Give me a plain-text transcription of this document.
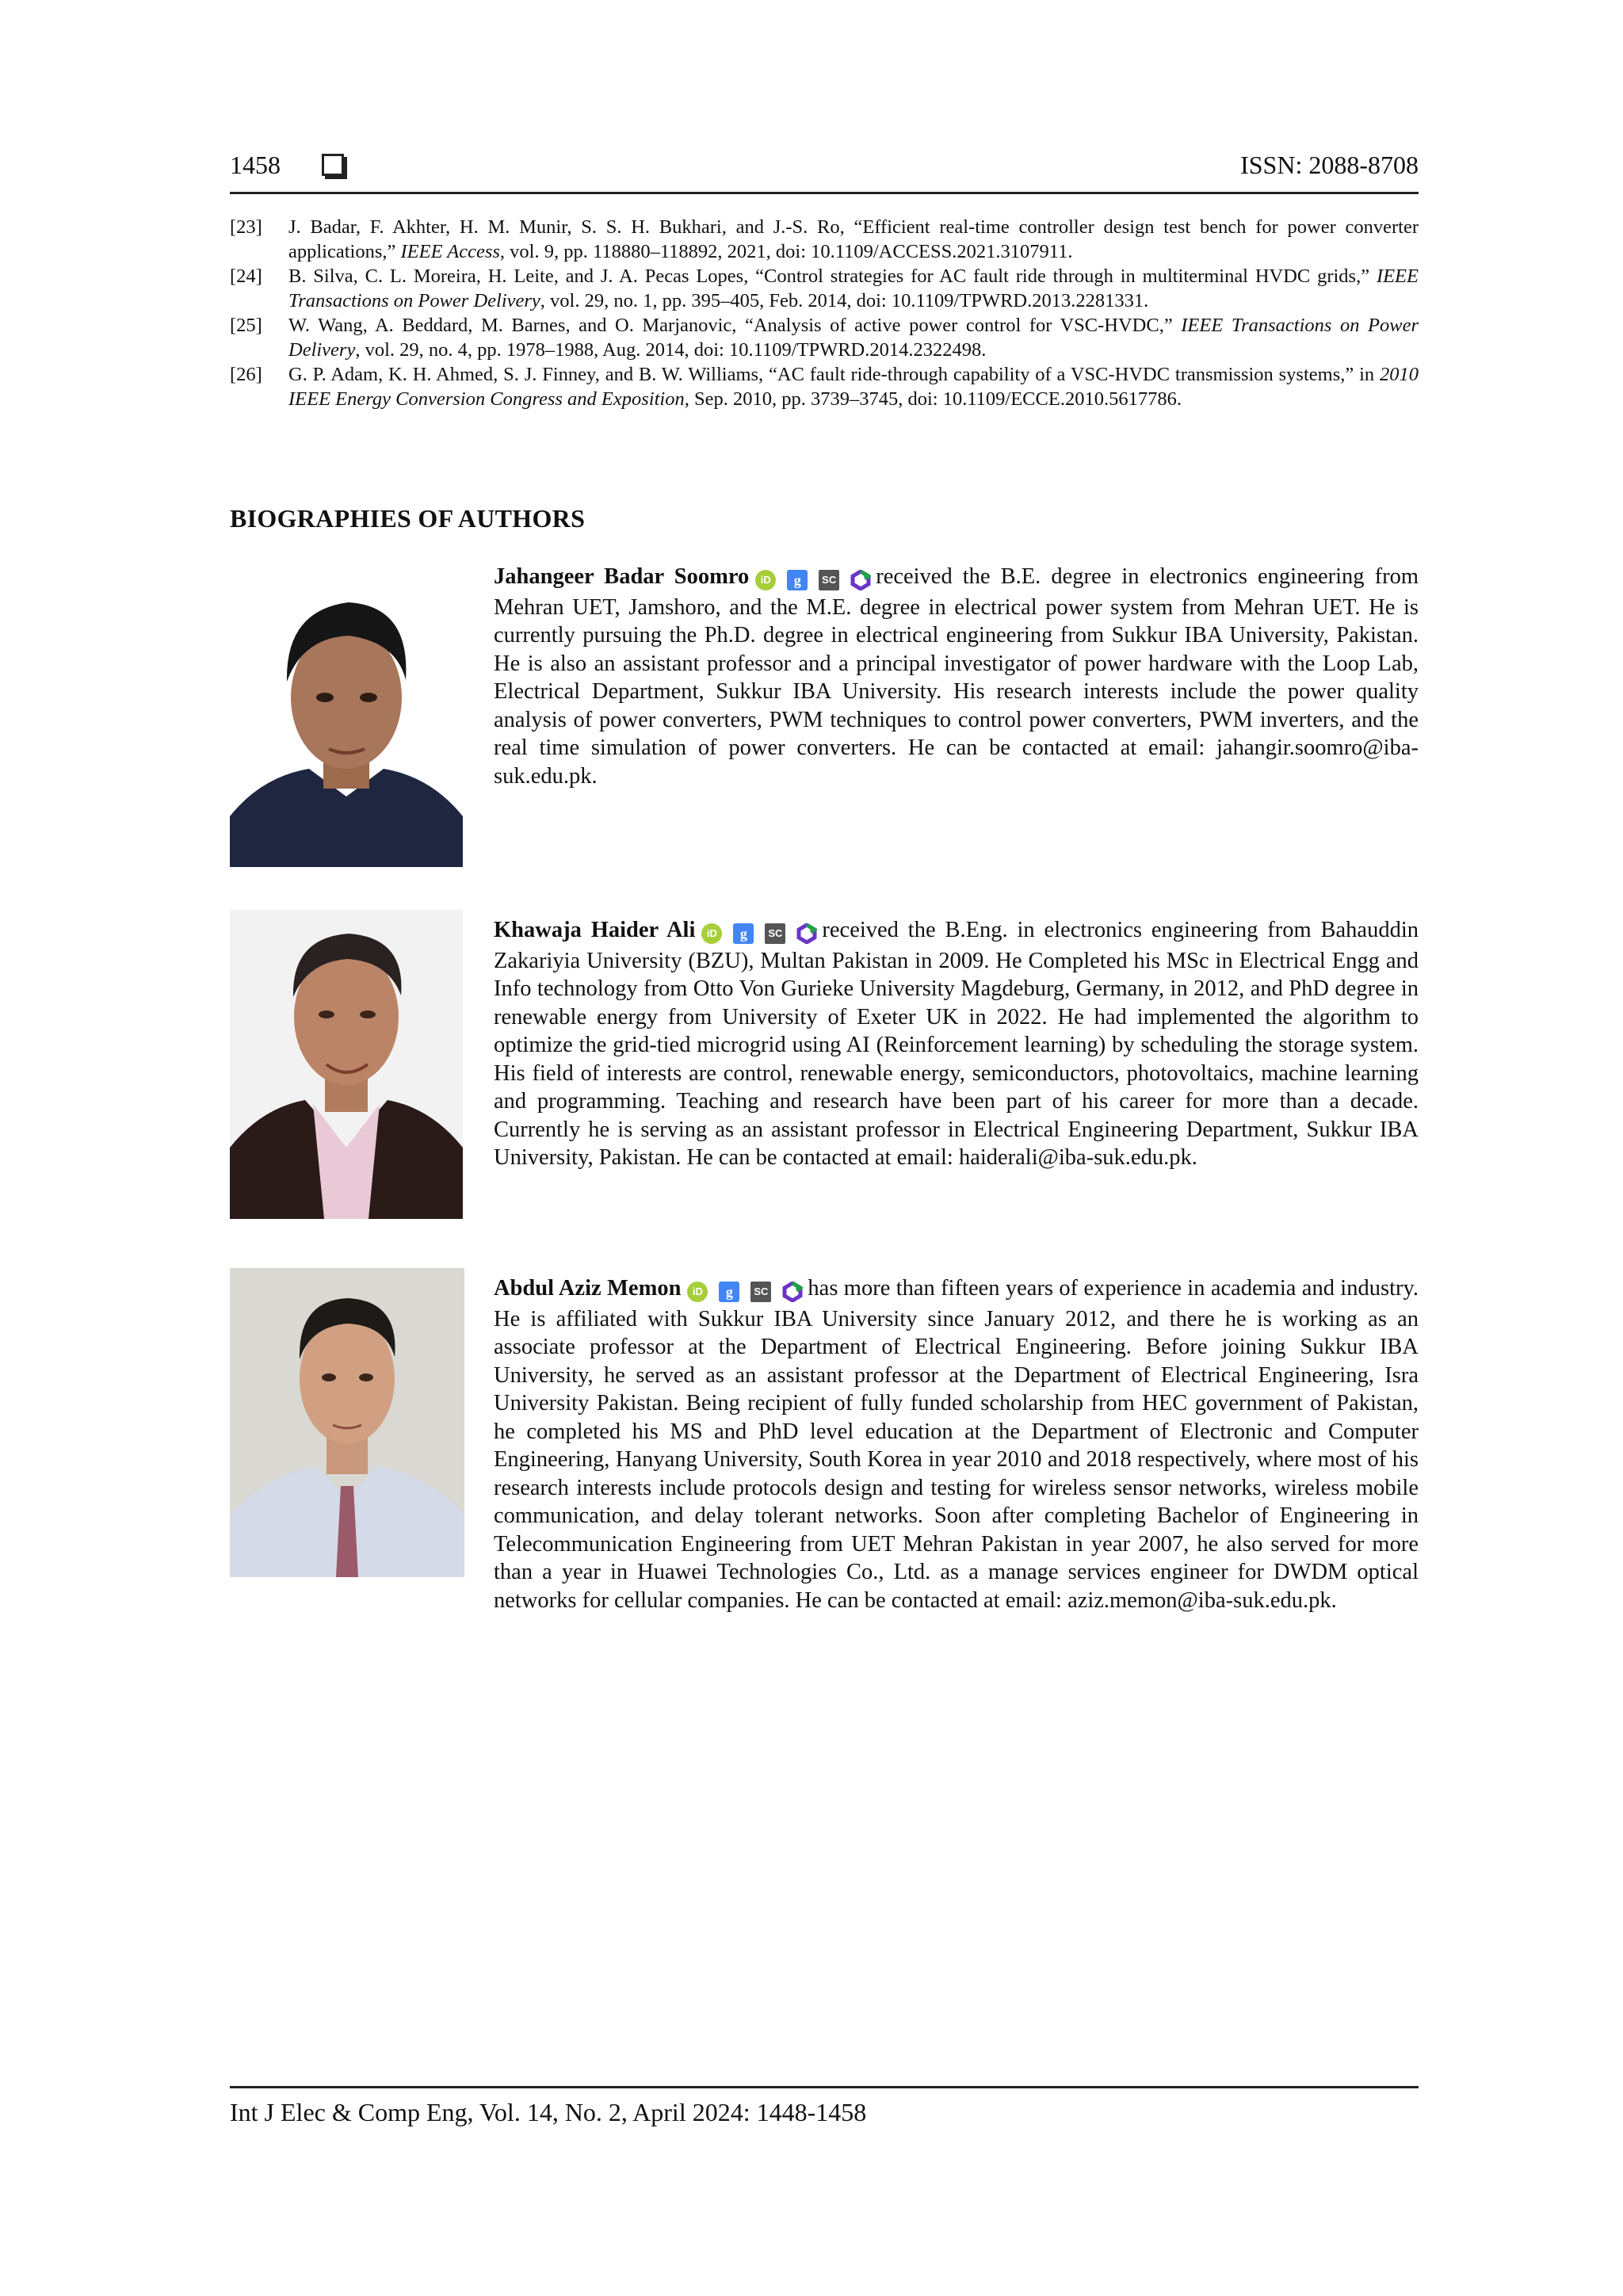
1458	ISSN: 2088-8708
[23] J. Badar, F. Akhter, H. M. Munir, S. S. H. Bukhari, and J.-S. Ro, “Efficient real-time controller design test bench for power converter applications,” IEEE Access, vol. 9, pp. 118880–118892, 2021, doi: 10.1109/ACCESS.2021.3107911.
[24] B. Silva, C. L. Moreira, H. Leite, and J. A. Pecas Lopes, “Control strategies for AC fault ride through in multiterminal HVDC grids,” IEEE Transactions on Power Delivery, vol. 29, no. 1, pp. 395–405, Feb. 2014, doi: 10.1109/TPWRD.2013.2281331.
[25] W. Wang, A. Beddard, M. Barnes, and O. Marjanovic, “Analysis of active power control for VSC-HVDC,” IEEE Transactions on Power Delivery, vol. 29, no. 4, pp. 1978–1988, Aug. 2014, doi: 10.1109/TPWRD.2014.2322498.
[26] G. P. Adam, K. H. Ahmed, S. J. Finney, and B. W. Williams, “AC fault ride-through capability of a VSC-HVDC transmission systems,” in 2010 IEEE Energy Conversion Congress and Exposition, Sep. 2010, pp. 3739–3745, doi: 10.1109/ECCE.2010.5617786.
BIOGRAPHIES OF AUTHORS
Jahangeer Badar Soomro iD g SC received the B.E. degree in electronics engineering from Mehran UET, Jamshoro, and the M.E. degree in electrical power system from Mehran UET. He is currently pursuing the Ph.D. degree in electrical engineering from Sukkur IBA University, Pakistan. He is also an assistant professor and a principal investigator of power hardware with the Loop Lab, Electrical Department, Sukkur IBA University. His research interests include the power quality analysis of power converters, PWM techniques to control power converters, PWM inverters, and the real time simulation of power converters. He can be contacted at email: jahangir.soomro@iba-suk.edu.pk.
Khawaja Haider Ali iD g SC received the B.Eng. in electronics engineering from Bahauddin Zakariyia University (BZU), Multan Pakistan in 2009. He Completed his MSc in Electrical Engg and Info technology from Otto Von Gurieke University Magdeburg, Germany, in 2012, and PhD degree in renewable energy from University of Exeter UK in 2022. He had implemented the algorithm to optimize the grid-tied microgrid using AI (Reinforcement learning) by scheduling the storage system. His field of interests are control, renewable energy, semiconductors, photovoltaics, machine learning and programming. Teaching and research have been part of his career for more than a decade. Currently he is serving as an assistant professor in Electrical Engineering Department, Sukkur IBA University, Pakistan. He can be contacted at email: haiderali@iba-suk.edu.pk.
Abdul Aziz Memon iD g SC has more than fifteen years of experience in academia and industry. He is affiliated with Sukkur IBA University since January 2012, and there he is working as an associate professor at the Department of Electrical Engineering. Before joining Sukkur IBA University, he served as an assistant professor at the Department of Electrical Engineering, Isra University Pakistan. Being recipient of fully funded scholarship from HEC government of Pakistan, he completed his MS and PhD level education at the Department of Electronic and Computer Engineering, Hanyang University, South Korea in year 2010 and 2018 respectively, where most of his research interests include protocols design and testing for wireless sensor networks, wireless mobile communication, and delay tolerant networks. Soon after completing Bachelor of Engineering in Telecommunication Engineering from UET Mehran Pakistan in year 2007, he also served for more than a year in Huawei Technologies Co., Ltd. as a manage services engineer for DWDM optical networks for cellular companies. He can be contacted at email: aziz.memon@iba-suk.edu.pk.
Int J Elec & Comp Eng, Vol. 14, No. 2, April 2024: 1448-1458
